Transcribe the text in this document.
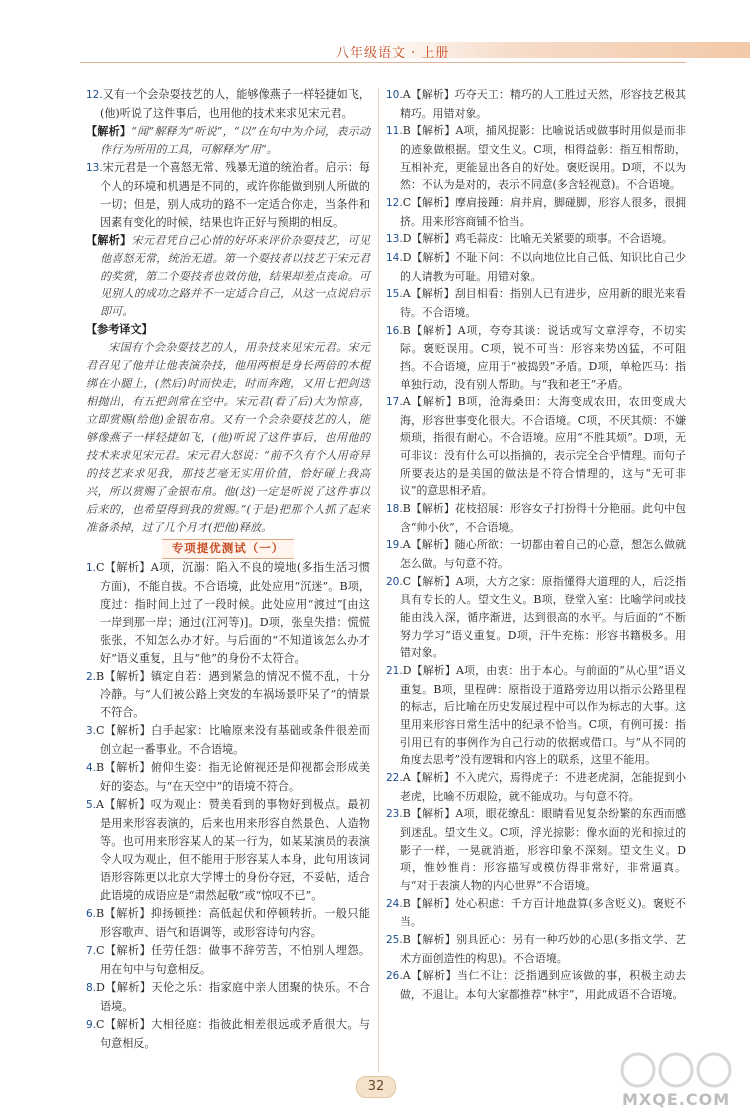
八年级语文 · 上册
12.又有一个会杂耍技艺的人，能够像燕子一样轻捷如飞，(他)听说了这件事后，也用他的技术来求见宋元君。
【解析】“闻”解释为“听说”，“以”在句中为介词，表示动作行为所用的工具，可解释为“用”。
13.宋元君是一个喜怒无常、残暴无道的统治者。启示：每个人的环境和机遇是不同的，或许你能做到别人所做的一切；但是，别人成功的路不一定适合你走，当条件和因素有变化的时候，结果也许正好与预期的相反。
【解析】宋元君凭自己心情的好坏来评价杂耍技艺，可见他喜怒无常，统治无道。第一个耍技者以技艺干宋元君的奖赏，第二个耍技者也效仿他，结果却差点丧命。可见别人的成功之路并不一定适合自己，从这一点说启示即可。
【参考译文】
宋国有个会杂耍技艺的人，用杂技来见宋元君。宋元君召见了他并让他表演杂技，他用两根是身长两倍的木棍绑在小腿上，(然后)时而快走，时而奔跑，又用七把剑迭相抛出，有五把剑常在空中。宋元君(看了后)大为惊喜，立即赏赐(给他)金银布帛。又有一个会杂耍技艺的人，能够像燕子一样轻捷如飞，(他)听说了这件事后，也用他的技术来求见宋元君。宋元君大怒说：“前不久有个人用奇异的技艺来求见我，那技艺毫无实用价值，恰好碰上我高兴，所以赏赐了金银布帛。他(这)一定是听说了这件事以后来的，也希望得到我的赏赐。”(于是)把那个人抓了起来准备杀掉，过了几个月才(把他)释放。
专项提优测试（一）
1.C【解析】A项，沉溺：陷入不良的境地(多指生活习惯方面)，不能自拔。不合语境，此处应用“沉迷”。B项，度过：指时间上过了一段时候。此处应用“渡过”[由这一岸到那一岸；通过(江河等)]。D项，张皇失措：慌慌张张，不知怎么办才好。与后面的“不知道该怎么办才好”语义重复，且与“他”的身份不太符合。
2.B【解析】镇定自若：遇到紧急的情况不慌不乱，十分冷静。与“人们被公路上突发的车祸场景吓呆了”的情景不符合。
3.C【解析】白手起家：比喻原来没有基础或条件很差而创立起一番事业。不合语境。
4.B【解析】俯仰生姿：指无论俯视还是仰视都会形成美好的姿态。与“在天空中”的语境不符合。
5.A【解析】叹为观止：赞美看到的事物好到极点。最初是用来形容表演的，后来也用来形容自然景色、人造物等。也可用来形容某人的某一行为，如某某演员的表演令人叹为观止，但不能用于形容某人本身，此句用该词语形容陈更以北京大学博士的身份夺冠，不妥帖，适合此语境的成语应是“肃然起敬”或“惊叹不已”。
6.B【解析】抑扬顿挫：高低起伏和停顿转折。一般只能形容歌声、语气和语调等，或形容诗句内容。
7.C【解析】任劳任怨：做事不辞劳苦，不怕别人埋怨。用在句中与句意相反。
8.D【解析】天伦之乐：指家庭中亲人团聚的快乐。不合语境。
9.C【解析】大相径庭：指彼此相差很远或矛盾很大。与句意相反。
10.A【解析】巧夺天工：精巧的人工胜过天然，形容技艺极其精巧。用错对象。
11.B【解析】A项，捕风捉影：比喻说话或做事时用似是而非的迹象做根据。望文生义。C项，相得益彰：指互相帮助，互相补充，更能显出各自的好处。褒贬误用。D项，不以为然：不认为是对的，表示不同意(多含轻视意)。不合语境。
12.C【解析】摩肩接踵：肩并肩，脚碰脚，形容人很多，很拥挤。用来形容商铺不恰当。
13.D【解析】鸡毛蒜皮：比喻无关紧要的琐事。不合语境。
14.D【解析】不耻下问：不以向地位比自己低、知识比自己少的人请教为可耻。用错对象。
15.A【解析】刮目相看：指别人已有进步，应用新的眼光来看待。不合语境。
16.B【解析】A项，夸夸其谈：说话或写文章浮夸，不切实际。褒贬误用。C项，锐不可当：形容来势凶猛，不可阻挡。不合语境，应用于“被捣毁”矛盾。D项，单枪匹马：指单独行动，没有别人帮助。与“我和老王”矛盾。
17.A【解析】B项，沧海桑田：大海变成农田，农田变成大海，形容世事变化很大。不合语境。C项，不厌其烦：不嫌烦琐，指很有耐心。不合语境。应用“不胜其烦”。D项，无可非议：没有什么可以指摘的，表示完全合乎情理。而句子所要表达的是美国的做法是不符合情理的，这与“无可非议”的意思相矛盾。
18.B【解析】花枝招展：形容女子打扮得十分艳丽。此句中包含“帅小伙”，不合语境。
19.A【解析】随心所欲：一切都由着自己的心意，想怎么做就怎么做。与句意不符。
20.C【解析】A项，大方之家：原指懂得大道理的人，后泛指具有专长的人。望文生义。B项，登堂入室：比喻学问或技能由浅入深，循序渐进，达到很高的水平。与后面的“不断努力学习”语义重复。D项，汗牛充栋：形容书籍极多。用错对象。
21.D【解析】A项，由衷：出于本心。与前面的“从心里”语义重复。B项，里程碑：原指设于道路旁边用以指示公路里程的标志，后比喻在历史发展过程中可以作为标志的大事。这里用来形容日常生活中的纪录不恰当。C项，有例可援：指引用已有的事例作为自己行动的依据或借口。与“从不同的角度去思考”没有逻辑和内容上的联系，这里不能用。
22.A【解析】不入虎穴，焉得虎子：不进老虎洞，怎能捉到小老虎，比喻不历艰险，就不能成功。与句意不符。
23.B【解析】A项，眼花缭乱：眼睛看见复杂纷繁的东西而感到迷乱。望文生义。C项，浮光掠影：像水面的光和掠过的影子一样，一晃就消逝，形容印象不深刻。望文生义。D项，惟妙惟肖：形容描写或模仿得非常好，非常逼真。与“对于表演人物的内心世界”不合语境。
24.B【解析】处心积虑：千方百计地盘算(多含贬义)。褒贬不当。
25.B【解析】别具匠心：另有一种巧妙的心思(多指文学、艺术方面创造性的构思)。不合语境。
26.A【解析】当仁不让：泛指遇到应该做的事，积极主动去做，不退让。本句大家都推荐“林宇”，用此成语不合语境。
32
MXQE.COM
